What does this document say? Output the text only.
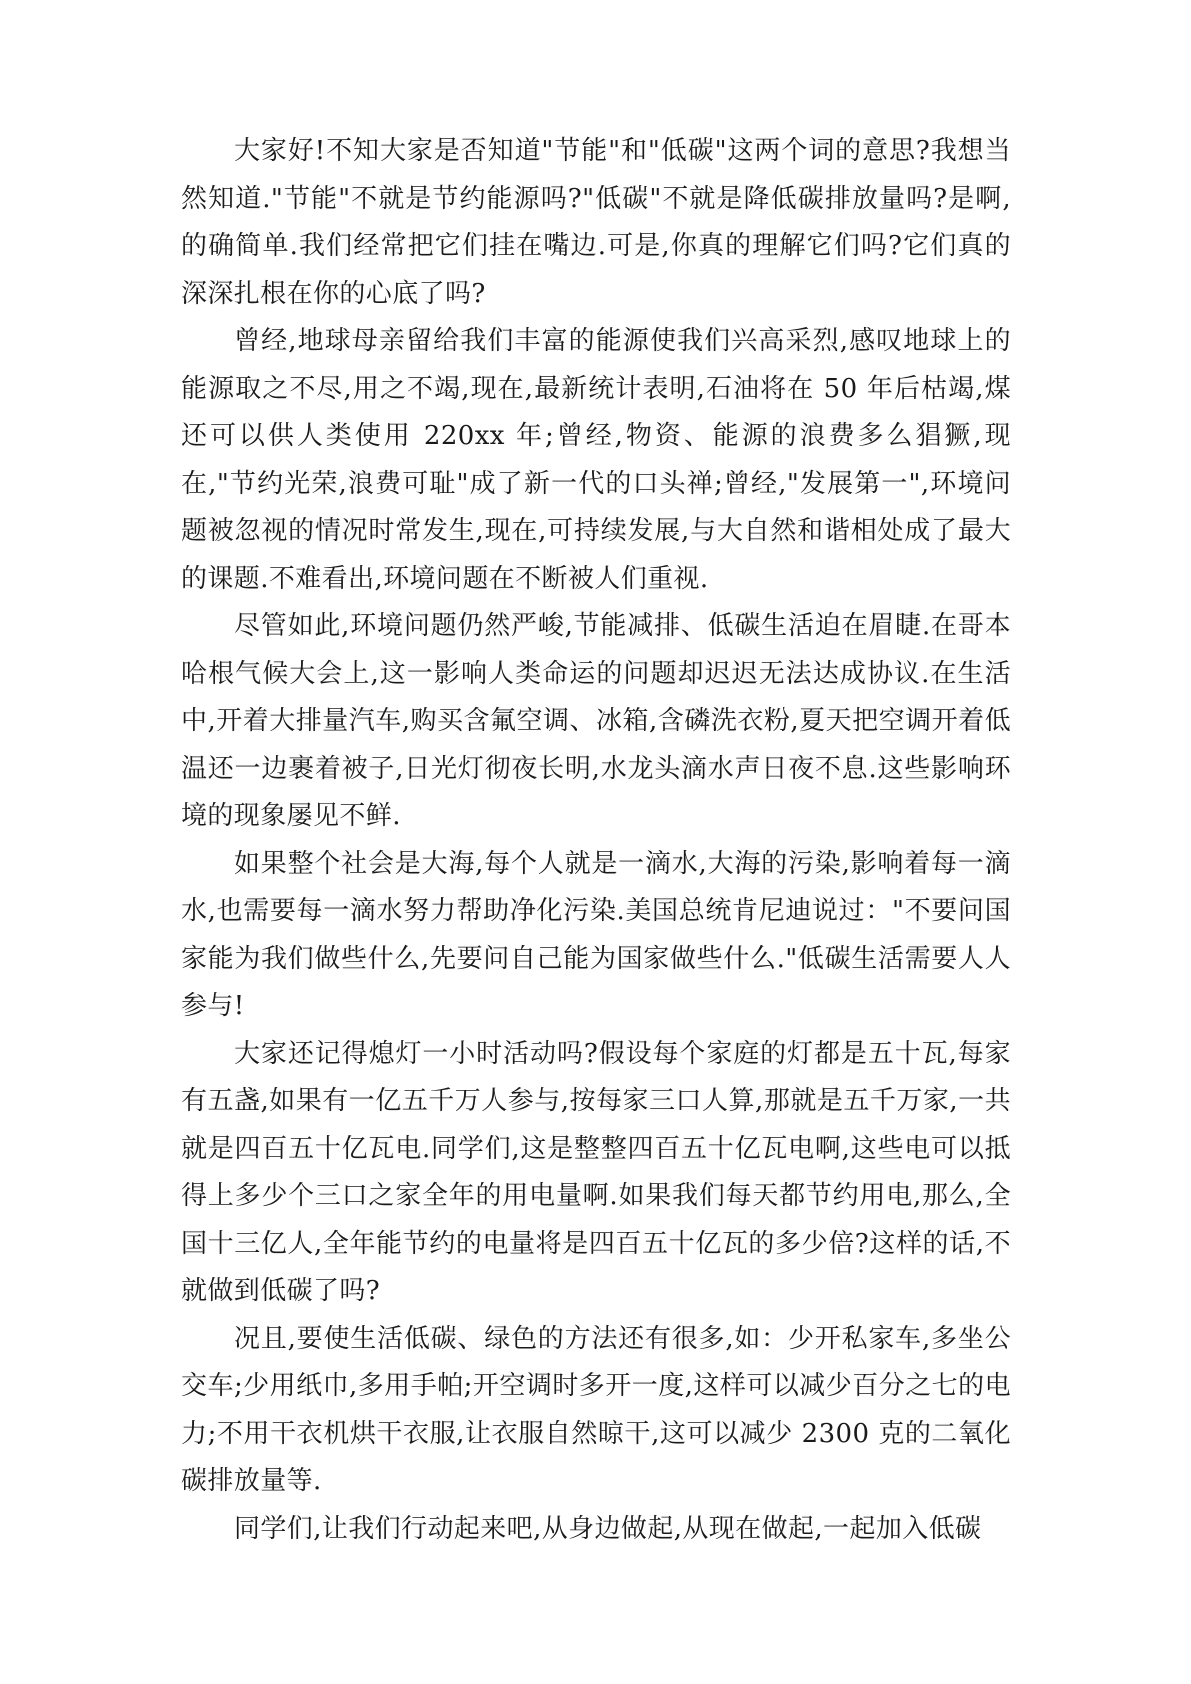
大家好!不知大家是否知道"节能"和"低碳"这两个词的意思?我想当然知道."节能"不就是节约能源吗?"低碳"不就是降低碳排放量吗?是啊,的确简单.我们经常把它们挂在嘴边.可是,你真的理解它们吗?它们真的深深扎根在你的心底了吗?

曾经,地球母亲留给我们丰富的能源使我们兴高采烈,感叹地球上的能源取之不尽,用之不竭,现在,最新统计表明,石油将在 50 年后枯竭,煤还可以供人类使用 220xx 年;曾经,物资、能源的浪费多么猖獗,现在,"节约光荣,浪费可耻"成了新一代的口头禅;曾经,"发展第一",环境问题被忽视的情况时常发生,现在,可持续发展,与大自然和谐相处成了最大的课题.不难看出,环境问题在不断被人们重视.

尽管如此,环境问题仍然严峻,节能减排、低碳生活迫在眉睫.在哥本哈根气候大会上,这一影响人类命运的问题却迟迟无法达成协议.在生活中,开着大排量汽车,购买含氟空调、冰箱,含磷洗衣粉,夏天把空调开着低温还一边裹着被子,日光灯彻夜长明,水龙头滴水声日夜不息.这些影响环境的现象屡见不鲜.

如果整个社会是大海,每个人就是一滴水,大海的污染,影响着每一滴水,也需要每一滴水努力帮助净化污染.美国总统肯尼迪说过："不要问国家能为我们做些什么,先要问自己能为国家做些什么."低碳生活需要人人参与!

大家还记得熄灯一小时活动吗?假设每个家庭的灯都是五十瓦,每家有五盏,如果有一亿五千万人参与,按每家三口人算,那就是五千万家,一共就是四百五十亿瓦电.同学们,这是整整四百五十亿瓦电啊,这些电可以抵得上多少个三口之家全年的用电量啊.如果我们每天都节约用电,那么,全国十三亿人,全年能节约的电量将是四百五十亿瓦的多少倍?这样的话,不就做到低碳了吗?

况且,要使生活低碳、绿色的方法还有很多,如：少开私家车,多坐公交车;少用纸巾,多用手帕;开空调时多开一度,这样可以减少百分之七的电力;不用干衣机烘干衣服,让衣服自然晾干,这可以减少 2300 克的二氧化碳排放量等.

同学们,让我们行动起来吧,从身边做起,从现在做起,一起加入低碳
